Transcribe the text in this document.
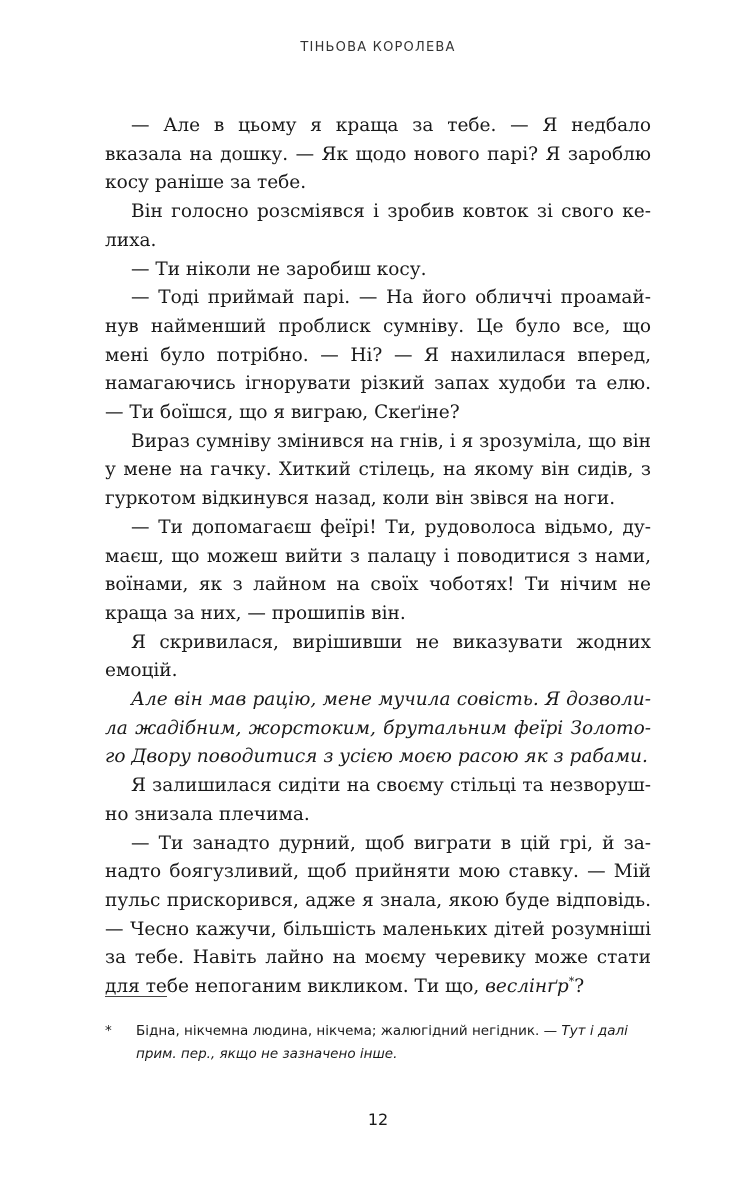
ТІНЬОВА КОРОЛЕВА

— Але в цьому я краща за тебе. — Я недбало вказала на дошку. — Як щодо нового парі? Я зароблю косу раніше за тебе.

Він голосно розсміявся і зробив ковток зі свого келиха.

— Ти ніколи не заробиш косу.

— Тоді приймай парі. — На його обличчі проамайнув найменший проблиск сумніву. Це було все, що мені було потрібно. — Ні? — Я нахилилася вперед, намагаючись ігнорувати різкий запах худоби та елю. — Ти боїшся, що я виграю, Скеґіне?

Вираз сумніву змінився на гнів, і я зрозуміла, що він у мене на гачку. Хиткий стілець, на якому він сидів, з гуркотом відкинувся назад, коли він звівся на ноги.

— Ти допомагаєш феїрі! Ти, рудоволоса відьмо, думаєш, що можеш вийти з палацу і поводитися з нами, воїнами, як з лайном на своїх чоботях! Ти нічим не краща за них, — прошипів він.

Я скривилася, вирішивши не виказувати жодних емоцій.

Але він мав рацію, мене мучила совість. Я дозволила жадібним, жорстоким, брутальним феїрі Золотого Двору поводитися з усією моєю расою як з рабами.

Я залишилася сидіти на своєму стільці та незворушно знизала плечима.

— Ти занадто дурний, щоб виграти в цій грі, й занадто боягузливий, щоб прийняти мою ставку. — Мій пульс прискорився, адже я знала, якою буде відповідь. — Чесно кажучи, більшість маленьких дітей розумніші за тебе. Навіть лайно на моєму черевику може стати для тебе непоганим викликом. Ти що, веслінґр*?

* Бідна, нікчемна людина, нікчема; жалюгідний негідник. — Тут і далі прим. пер., якщо не зазначено інше.
12
